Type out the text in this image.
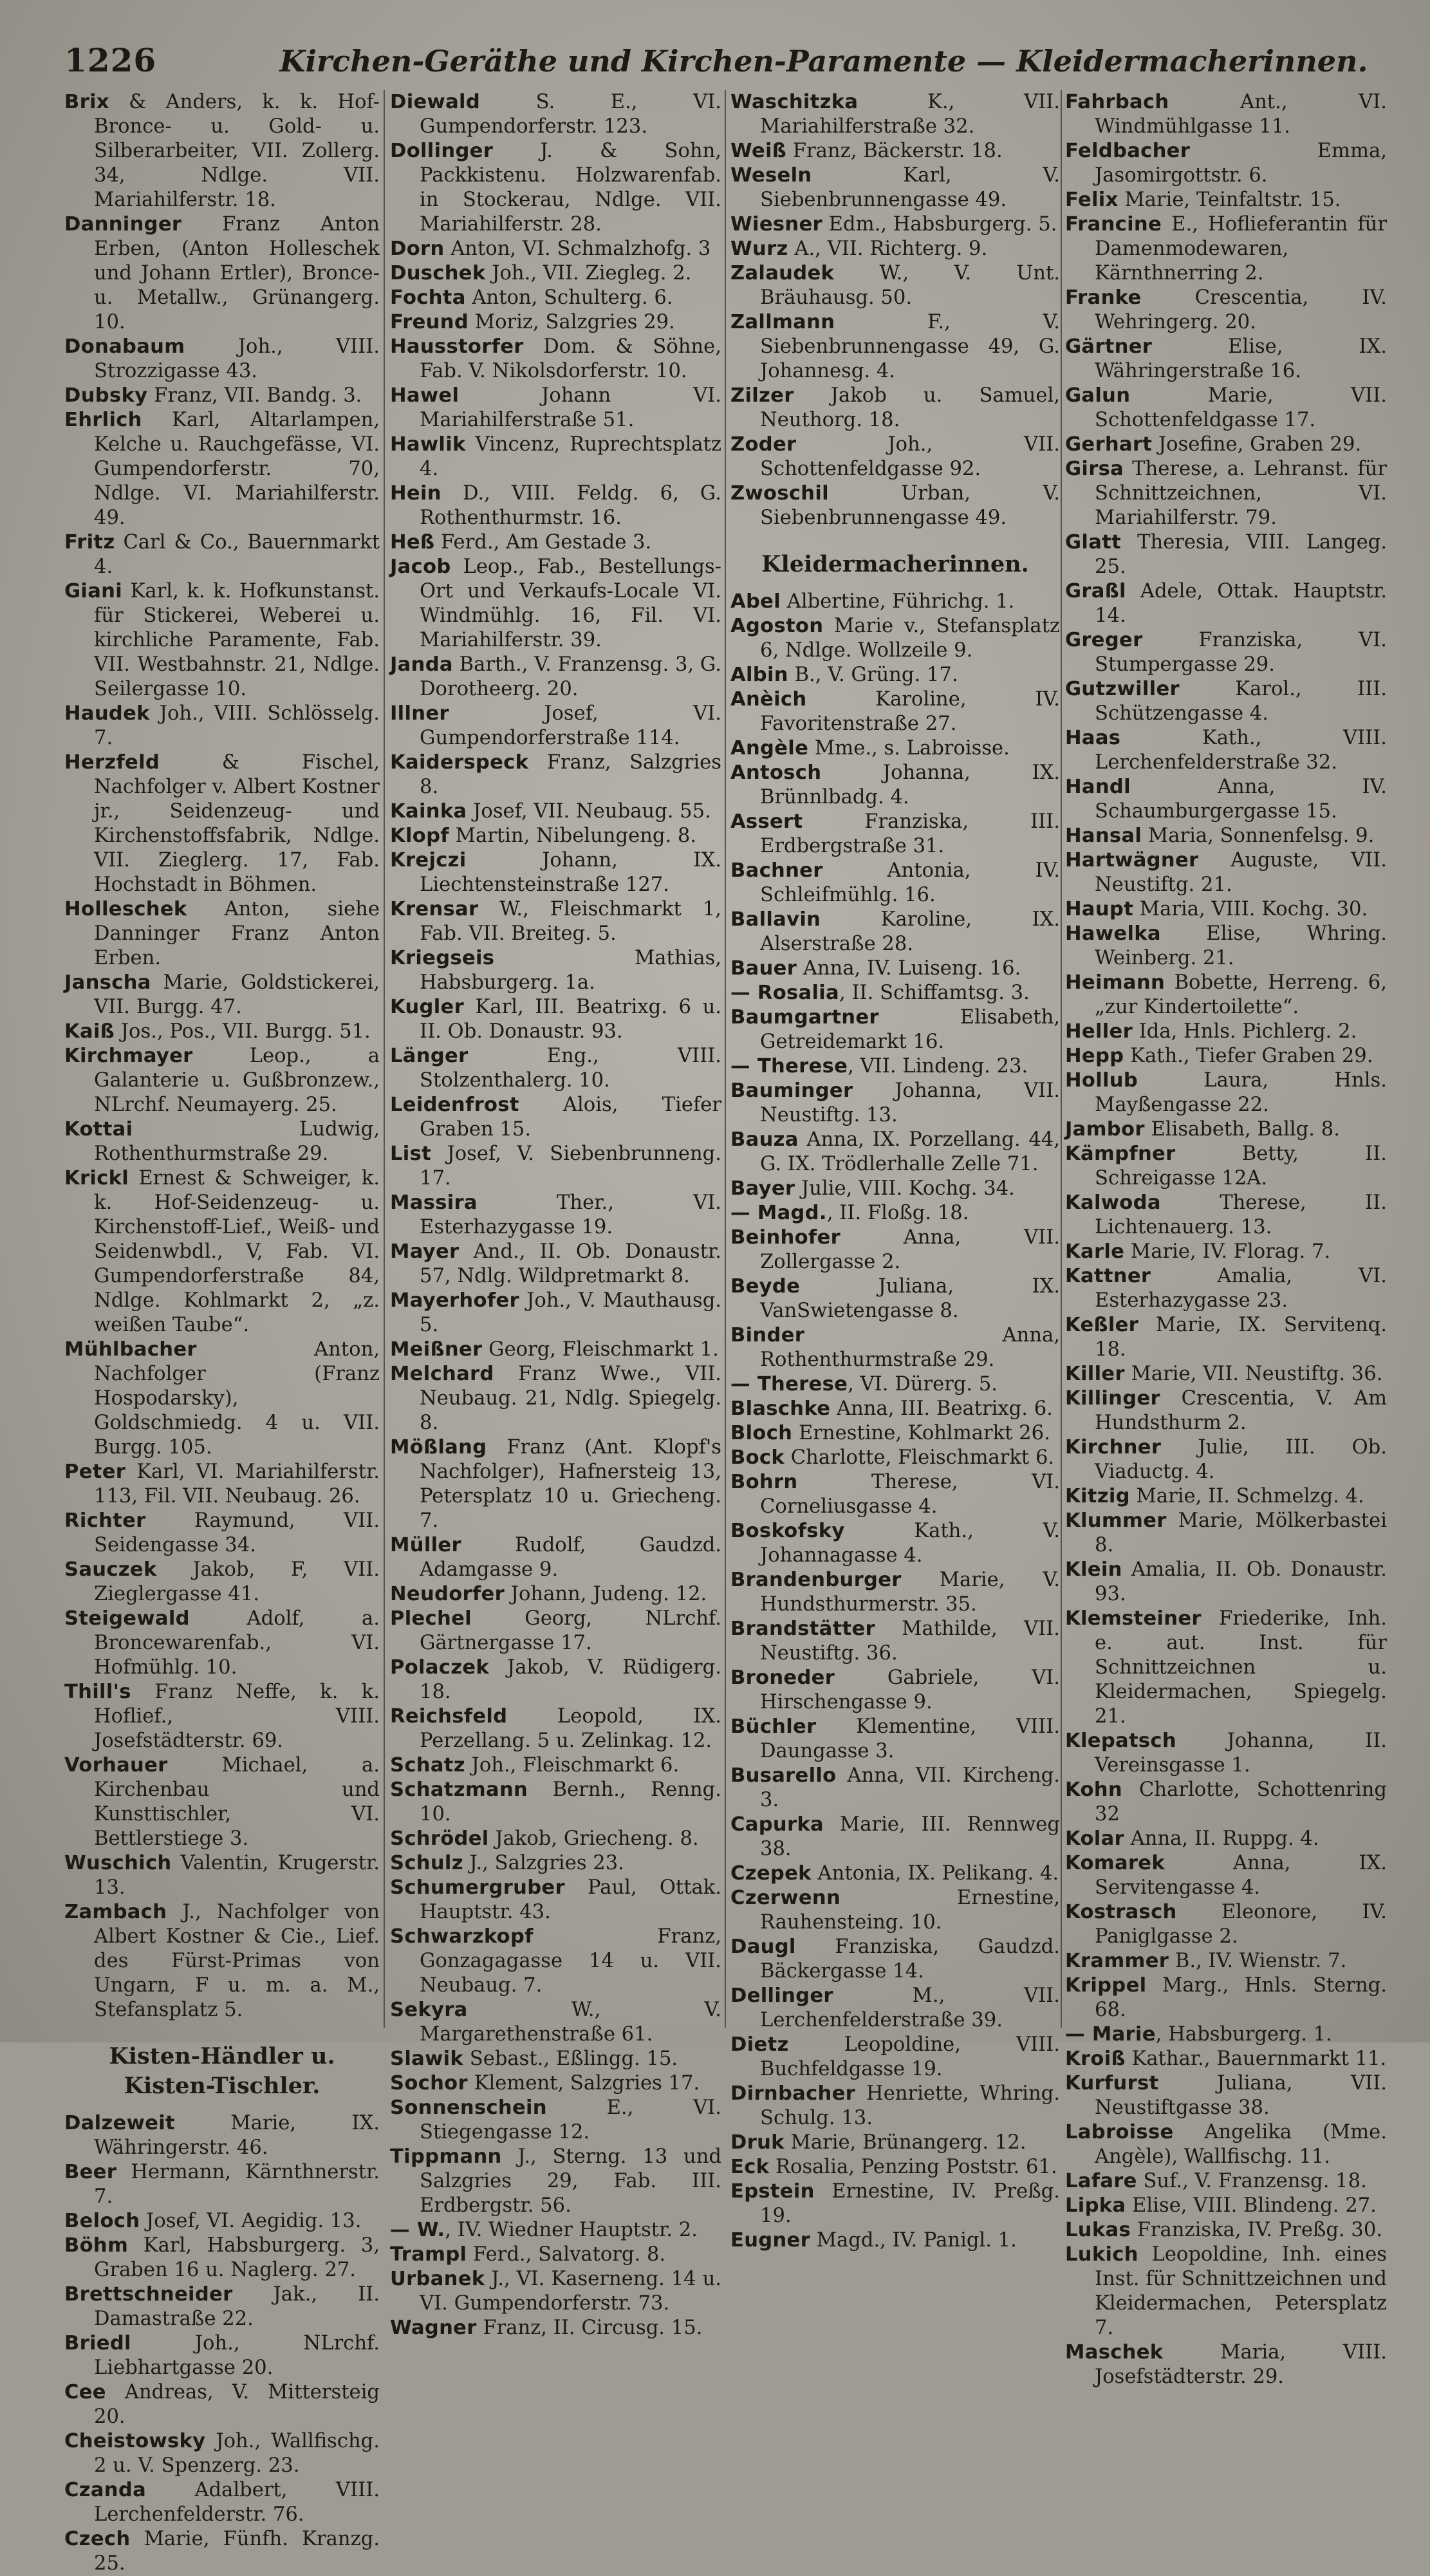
1226	Kirchen-Geräthe und Kirchen-Paramente — Kleidermacherinnen.

Brix & Anders, k. k. Hof-Bronce- u. Gold- u. Silberarbeiter, VII. Zollerg. 34, Ndlge. VII. Mariahilferstr. 18.

Danninger Franz Anton Erben, (Anton Holleschek und Johann Ertler), Bronce- u. Metallw., Grünangerg. 10.

Donabaum Joh., VIII. Strozzigasse 43.

Dubsky Franz, VII. Bandg. 3.

Ehrlich Karl, Altarlampen, Kelche u. Rauchgefässe, VI. Gumpendorferstr. 70, Ndlge. VI. Mariahilferstr. 49.

Fritz Carl & Co., Bauernmarkt 4.

Giani Karl, k. k. Hofkunstanst. für Stickerei, Weberei u. kirchliche Paramente, Fab. VII. Westbahnstr. 21, Ndlge. Seilergasse 10.

Haudek Joh., VIII. Schlösselg. 7.

Herzfeld & Fischel, Nachfolger v. Albert Kostner jr., Seidenzeug- und Kirchenstoffsfabrik, Ndlge. VII. Zieglerg. 17, Fab. Hochstadt in Böhmen.

Holleschek Anton, siehe Danninger Franz Anton Erben.

Janscha Marie, Goldstickerei, VII. Burgg. 47.

Kaiß Jos., Pos., VII. Burgg. 51.

Kirchmayer Leop., a Galanterie u. Gußbronzew., NLrchf. Neumayerg. 25.

Kottai Ludwig, Rothenthurmstraße 29.

Krickl Ernest & Schweiger, k. k. Hof-Seidenzeug- u. Kirchenstoff-Lief., Weiß- und Seidenwbdl., V, Fab. VI. Gumpendorferstraße 84, Ndlge. Kohlmarkt 2, „z. weißen Taube“.

Mühlbacher Anton, Nachfolger (Franz Hospodarsky), Goldschmiedg. 4 u. VII. Burgg. 105.

Peter Karl, VI. Mariahilferstr. 113, Fil. VII. Neubaug. 26.

Richter Raymund, VII. Seidengasse 34.

Sauczek Jakob, F, VII. Zieglergasse 41.

Steigewald Adolf, a. Broncewarenfab., VI. Hofmühlg. 10.

Thill's Franz Neffe, k. k. Hoflief., VIII. Josefstädterstr. 69.

Vorhauer Michael, a. Kirchenbau und Kunsttischler, VI. Bettlerstiege 3.

Wuschich Valentin, Krugerstr. 13.

Zambach J., Nachfolger von Albert Kostner & Cie., Lief. des Fürst-Primas von Ungarn, F u. m. a. M., Stefansplatz 5.

Kisten-Händler u. Kisten-Tischler.

Dalzeweit Marie, IX. Währingerstr. 46.

Beer Hermann, Kärnthnerstr. 7.

Beloch Josef, VI. Aegidig. 13.

Böhm Karl, Habsburgerg. 3, Graben 16 u. Naglerg. 27.

Brettschneider Jak., II. Damastraße 22.

Briedl Joh., NLrchf. Liebhartgasse 20.

Cee Andreas, V. Mittersteig 20.

Cheistowsky Joh., Wallfischg. 2 u. V. Spenzerg. 23.

Czanda Adalbert, VIII. Lerchenfelderstr. 76.

Czech Marie, Fünfh. Kranzg. 25.

Diewald S. E., VI. Gumpendorferstr. 123.

Dollinger J. & Sohn, Packkistenu. Holzwarenfab. in Stockerau, Ndlge. VII. Mariahilferstr. 28.

Dorn Anton, VI. Schmalzhofg. 3

Duschek Joh., VII. Ziegleg. 2.

Fochta Anton, Schulterg. 6.

Freund Moriz, Salzgries 29.

Hausstorfer Dom. & Söhne, Fab. V. Nikolsdorferstr. 10.

Hawel Johann VI. Mariahilferstraße 51.

Hawlik Vincenz, Ruprechtsplatz 4.

Hein D., VIII. Feldg. 6, G. Rothenthurmstr. 16.

Heß Ferd., Am Gestade 3.

Jacob Leop., Fab., Bestellungs-Ort und Verkaufs-Locale VI. Windmühlg. 16, Fil. VI. Mariahilferstr. 39.

Janda Barth., V. Franzensg. 3, G. Dorotheerg. 20.

Illner Josef, VI. Gumpendorferstraße 114.

Kaiderspeck Franz, Salzgries 8.

Kainka Josef, VII. Neubaug. 55.

Klopf Martin, Nibelungeng. 8.

Krejczi Johann, IX. Liechtensteinstraße 127.

Krensar W., Fleischmarkt 1, Fab. VII. Breiteg. 5.

Kriegseis Mathias, Habsburgerg. 1a.

Kugler Karl, III. Beatrixg. 6 u. II. Ob. Donaustr. 93.

Länger Eng., VIII. Stolzenthalerg. 10.

Leidenfrost Alois, Tiefer Graben 15.

List Josef, V. Siebenbrunneng. 17.

Massira Ther., VI. Esterhazygasse 19.

Mayer And., II. Ob. Donaustr. 57, Ndlg. Wildpretmarkt 8.

Mayerhofer Joh., V. Mauthausg. 5.

Meißner Georg, Fleischmarkt 1.

Melchard Franz Wwe., VII. Neubaug. 21, Ndlg. Spiegelg. 8.

Mößlang Franz (Ant. Klopf's Nachfolger), Hafnersteig 13, Petersplatz 10 u. Griecheng. 7.

Müller Rudolf, Gaudzd. Adamgasse 9.

Neudorfer Johann, Judeng. 12.

Plechel Georg, NLrchf. Gärtnergasse 17.

Polaczek Jakob, V. Rüdigerg. 18.

Reichsfeld Leopold, IX. Perzellang. 5 u. Zelinkag. 12.

Schatz Joh., Fleischmarkt 6.

Schatzmann Bernh., Renng. 10.

Schrödel Jakob, Griecheng. 8.

Schulz J., Salzgries 23.

Schumergruber Paul, Ottak. Hauptstr. 43.

Schwarzkopf Franz, Gonzagagasse 14 u. VII. Neubaug. 7.

Sekyra W., V. Margarethenstraße 61.

Slawik Sebast., Eßlingg. 15.

Sochor Klement, Salzgries 17.

Sonnenschein E., VI. Stiegengasse 12.

Tippmann J., Sterng. 13 und Salzgries 29, Fab. III. Erdbergstr. 56.

— W., IV. Wiedner Hauptstr. 2.

Trampl Ferd., Salvatorg. 8.

Urbanek J., VI. Kaserneng. 14 u. VI. Gumpendorferstr. 73.

Wagner Franz, II. Circusg. 15.

Waschitzka K., VII. Mariahilferstraße 32.

Weiß Franz, Bäckerstr. 18.

Weseln Karl, V. Siebenbrunnengasse 49.

Wiesner Edm., Habsburgerg. 5.

Wurz A., VII. Richterg. 9.

Zalaudek W., V. Unt. Bräuhausg. 50.

Zallmann F., V. Siebenbrunnengasse 49, G. Johannesg. 4.

Zilzer Jakob u. Samuel, Neuthorg. 18.

Zoder Joh., VII. Schottenfeldgasse 92.

Zwoschil Urban, V. Siebenbrunnengasse 49.

Kleidermacherinnen.

Abel Albertine, Führichg. 1.

Agoston Marie v., Stefansplatz 6, Ndlge. Wollzeile 9.

Albin B., V. Grüng. 17.

Anèich Karoline, IV. Favoritenstraße 27.

Angèle Mme., s. Labroisse.

Antosch Johanna, IX. Brünnlbadg. 4.

Assert Franziska, III. Erdbergstraße 31.

Bachner Antonia, IV. Schleifmühlg. 16.

Ballavin Karoline, IX. Alserstraße 28.

Bauer Anna, IV. Luiseng. 16.

— Rosalia, II. Schiffamtsg. 3.

Baumgartner Elisabeth, Getreidemarkt 16.

— Therese, VII. Lindeng. 23.

Bauminger Johanna, VII. Neustiftg. 13.

Bauza Anna, IX. Porzellang. 44, G. IX. Trödlerhalle Zelle 71.

Bayer Julie, VIII. Kochg. 34.

— Magd., II. Floßg. 18.

Beinhofer Anna, VII. Zollergasse 2.

Beyde Juliana, IX. VanSwietengasse 8.

Binder Anna, Rothenthurmstraße 29.

— Therese, VI. Dürerg. 5.

Blaschke Anna, III. Beatrixg. 6.

Bloch Ernestine, Kohlmarkt 26.

Bock Charlotte, Fleischmarkt 6.

Bohrn Therese, VI. Corneliusgasse 4.

Boskofsky Kath., V. Johannagasse 4.

Brandenburger Marie, V. Hundsthurmerstr. 35.

Brandstätter Mathilde, VII. Neustiftg. 36.

Broneder Gabriele, VI. Hirschengasse 9.

Büchler Klementine, VIII. Daungasse 3.

Busarello Anna, VII. Kircheng. 3.

Capurka Marie, III. Rennweg 38.

Czepek Antonia, IX. Pelikang. 4.

Czerwenn Ernestine, Rauhensteing. 10.

Daugl Franziska, Gaudzd. Bäckergasse 14.

Dellinger M., VII. Lerchenfelderstraße 39.

Dietz Leopoldine, VIII. Buchfeldgasse 19.

Dirnbacher Henriette, Whring. Schulg. 13.

Druk Marie, Brünangerg. 12.

Eck Rosalia, Penzing Poststr. 61.

Epstein Ernestine, IV. Preßg. 19.

Eugner Magd., IV. Panigl. 1.

Fahrbach Ant., VI. Windmühlgasse 11.

Feldbacher Emma, Jasomirgottstr. 6.

Felix Marie, Teinfaltstr. 15.

Francine E., Hoflieferantin für Damenmodewaren, Kärnthnerring 2.

Franke Crescentia, IV. Wehringerg. 20.

Gärtner Elise, IX. Währingerstraße 16.

Galun Marie, VII. Schottenfeldgasse 17.

Gerhart Josefine, Graben 29.

Girsa Therese, a. Lehranst. für Schnittzeichnen, VI. Mariahilferstr. 79.

Glatt Theresia, VIII. Langeg. 25.

Graßl Adele, Ottak. Hauptstr. 14.

Greger Franziska, VI. Stumpergasse 29.

Gutzwiller Karol., III. Schützengasse 4.

Haas Kath., VIII. Lerchenfelderstraße 32.

Handl Anna, IV. Schaumburgergasse 15.

Hansal Maria, Sonnenfelsg. 9.

Hartwägner Auguste, VII. Neustiftg. 21.

Haupt Maria, VIII. Kochg. 30.

Hawelka Elise, Whring. Weinberg. 21.

Heimann Bobette, Herreng. 6, „zur Kindertoilette“.

Heller Ida, Hnls. Pichlerg. 2.

Hepp Kath., Tiefer Graben 29.

Hollub Laura, Hnls. Mayßengasse 22.

Jambor Elisabeth, Ballg. 8.

Kämpfner Betty, II. Schreigasse 12A.

Kalwoda Therese, II. Lichtenauerg. 13.

Karle Marie, IV. Florag. 7.

Kattner Amalia, VI. Esterhazygasse 23.

Keßler Marie, IX. Servitenq. 18.

Killer Marie, VII. Neustiftg. 36.

Killinger Crescentia, V. Am Hundsthurm 2.

Kirchner Julie, III. Ob. Viaductg. 4.

Kitzig Marie, II. Schmelzg. 4.

Klummer Marie, Mölkerbastei 8.

Klein Amalia, II. Ob. Donaustr. 93.

Klemsteiner Friederike, Inh. e. aut. Inst. für Schnittzeichnen u. Kleidermachen, Spiegelg. 21.

Klepatsch Johanna, II. Vereinsgasse 1.

Kohn Charlotte, Schottenring 32

Kolar Anna, II. Ruppg. 4.

Komarek Anna, IX. Servitengasse 4.

Kostrasch Eleonore, IV. Paniglgasse 2.

Krammer B., IV. Wienstr. 7.

Krippel Marg., Hnls. Sterng. 68.

— Marie, Habsburgerg. 1.

Kroiß Kathar., Bauernmarkt 11.

Kurfurst Juliana, VII. Neustiftgasse 38.

Labroisse Angelika (Mme. Angèle), Wallfischg. 11.

Lafare Suf., V. Franzensg. 18.

Lipka Elise, VIII. Blindeng. 27.

Lukas Franziska, IV. Preßg. 30.

Lukich Leopoldine, Inh. eines Inst. für Schnittzeichnen und Kleidermachen, Petersplatz 7.

Maschek Maria, VIII. Josefstädterstr. 29.
